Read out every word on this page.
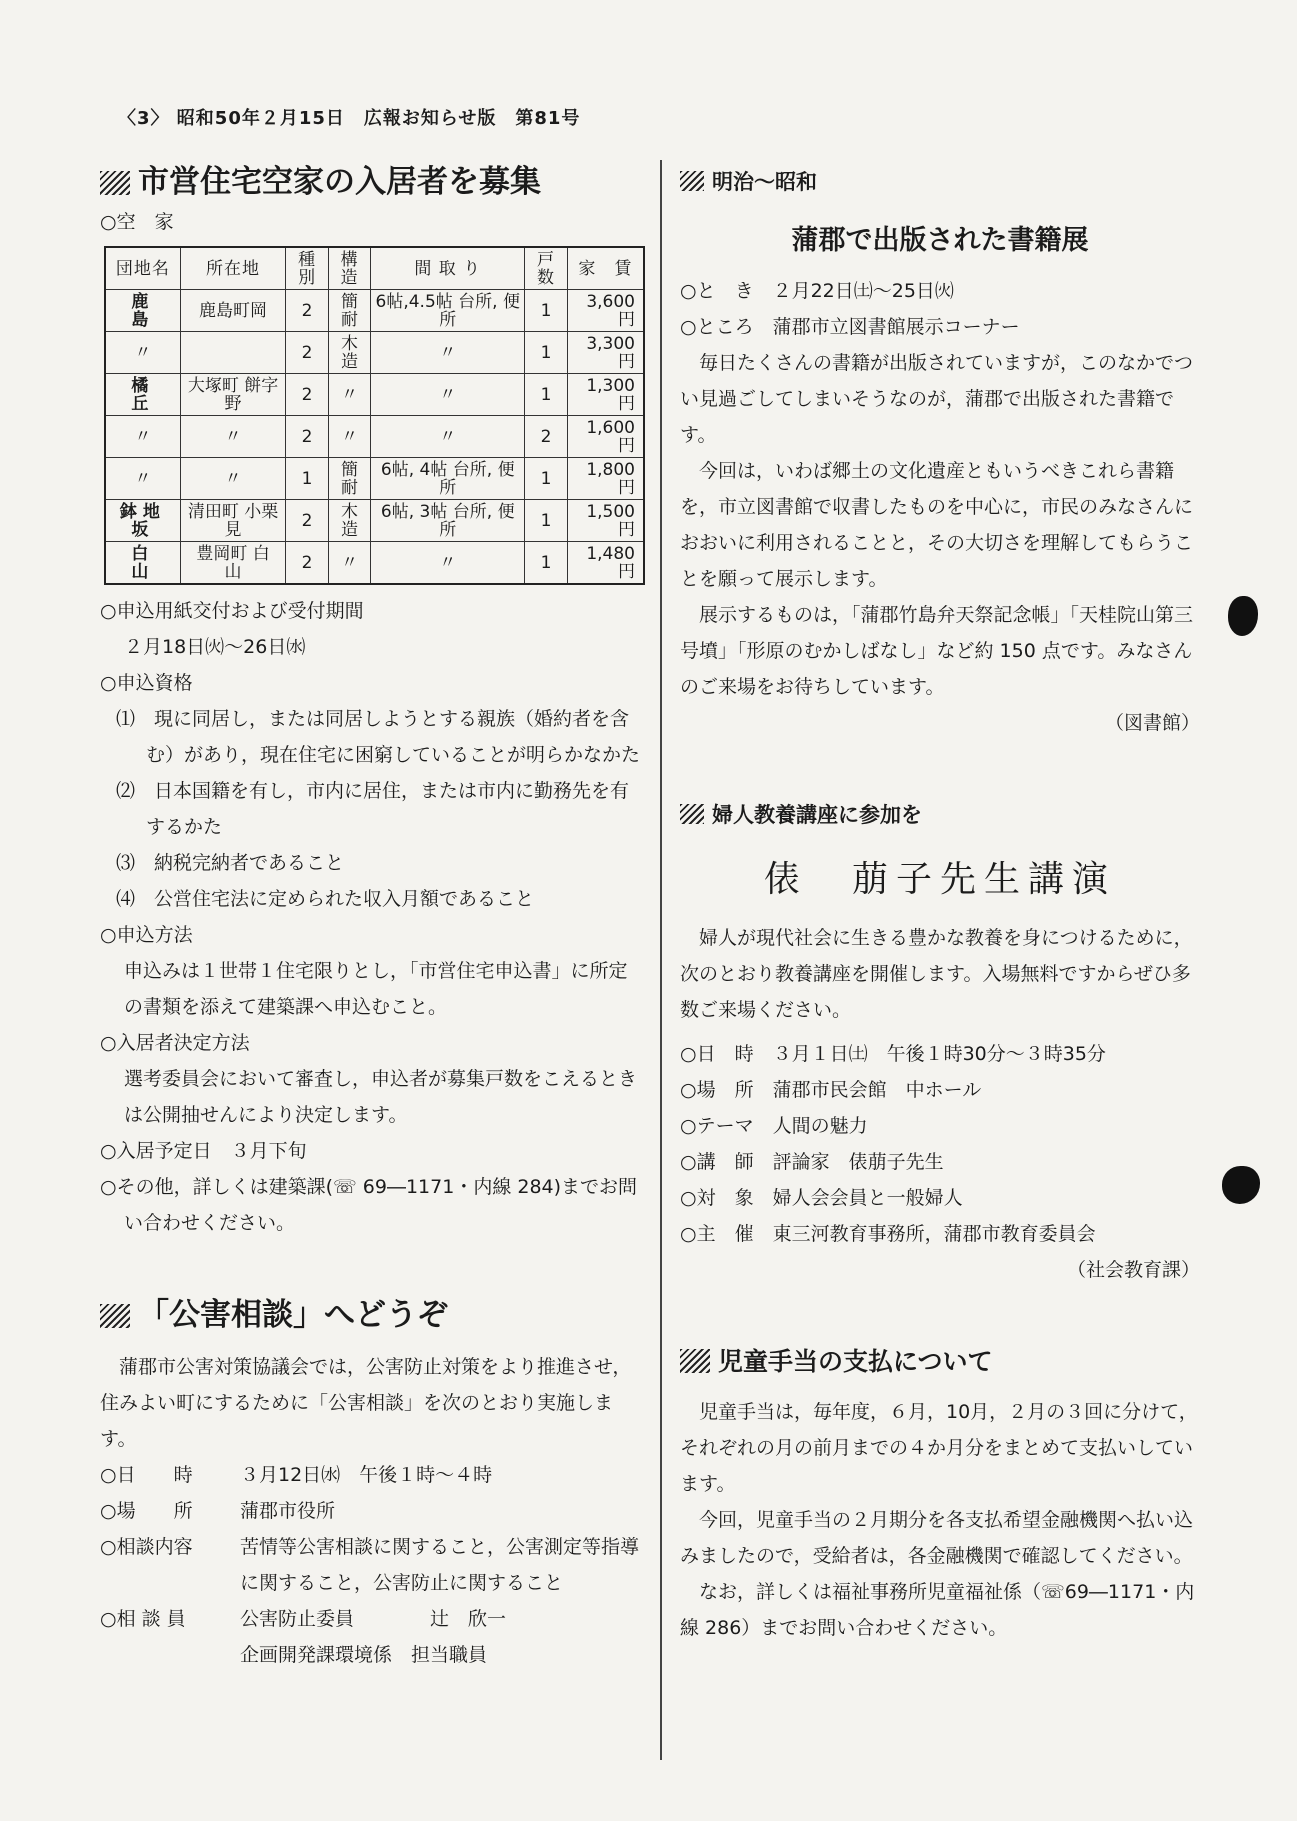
〈3〉 昭和50年２月15日　広報お知らせ版　第81号
市営住宅空家の入居者を募集
○空　家
団地名	所在地	種別	構造	間 取 り	戸数	家　賃
鹿　島	鹿島町岡	2	簡耐	6帖,4.5帖 台所, 便所	1	3,600円
〃		2	木造	〃	1	3,300円
橘　丘	大塚町 餅字野	2	〃	〃	1	1,300円
〃	〃	2	〃	〃	2	1,600円
〃	〃	1	簡耐	6帖, 4帖 台所, 便所	1	1,800円
鉢地坂	清田町 小栗見	2	木造	6帖, 3帖 台所, 便所	1	1,500円
白　山	豊岡町 白　山	2	〃	〃	1	1,480円
○申込用紙交付および受付期間
２月18日㈫〜26日㈬
○申込資格
⑴　現に同居し，または同居しようとする親族（婚約者を含む）があり，現在住宅に困窮していることが明らかなかた
⑵　日本国籍を有し，市内に居住，または市内に勤務先を有するかた
⑶　納税完納者であること
⑷　公営住宅法に定められた収入月額であること
○申込方法
申込みは１世帯１住宅限りとし，「市営住宅申込書」に所定の書類を添えて建築課へ申込むこと。
○入居者決定方法
選考委員会において審査し，申込者が募集戸数をこえるときは公開抽せんにより決定します。
○入居予定日　３月下旬
○その他，詳しくは建築課(☏ 69―1171・内線 284)までお問い合わせください。
「公害相談」へどうぞ

蒲郡市公害対策協議会では，公害防止対策をより推進させ，住みよい町にするために「公害相談」を次のとおり実施します。

○日　　時	３月12日㈬　午後１時〜４時
○場　　所	蒲郡市役所
○相談内容	苦情等公害相談に関すること，公害測定等指導に関すること，公害防止に関すること
○相 談 員	公害防止委員　　　　辻　欣一
企画開発課環境係　担当職員
明治〜昭和
蒲郡で出版された書籍展
○と　き　２月22日㈯〜25日㈫
○ところ　蒲郡市立図書館展示コーナー

毎日たくさんの書籍が出版されていますが，このなかでつい見過ごしてしまいそうなのが，蒲郡で出版された書籍です。

今回は，いわば郷土の文化遺産ともいうべきこれら書籍を，市立図書館で収書したものを中心に，市民のみなさんにおおいに利用されることと，その大切さを理解してもらうことを願って展示します。

展示するものは，「蒲郡竹島弁天祭記念帳」「天桂院山第三号墳」「形原のむかしばなし」など約 150 点です。みなさんのご来場をお待ちしています。

（図書館）
婦人教養講座に参加を
俵　萠子先生講演

婦人が現代社会に生きる豊かな教養を身につけるために，次のとおり教養講座を開催します。入場無料ですからぜひ多数ご来場ください。

○日　時　３月１日㈯　午後１時30分〜３時35分
○場　所　蒲郡市民会館　中ホール
○テーマ　人間の魅力
○講　師　評論家　俵萠子先生
○対　象　婦人会会員と一般婦人
○主　催　東三河教育事務所，蒲郡市教育委員会
（社会教育課）
児童手当の支払について

児童手当は，毎年度，６月，10月，２月の３回に分けて，それぞれの月の前月までの４か月分をまとめて支払いしています。

今回，児童手当の２月期分を各支払希望金融機関へ払い込みましたので，受給者は，各金融機関で確認してください。

なお，詳しくは福祉事務所児童福祉係（☏69―1171・内線 286）までお問い合わせください。
